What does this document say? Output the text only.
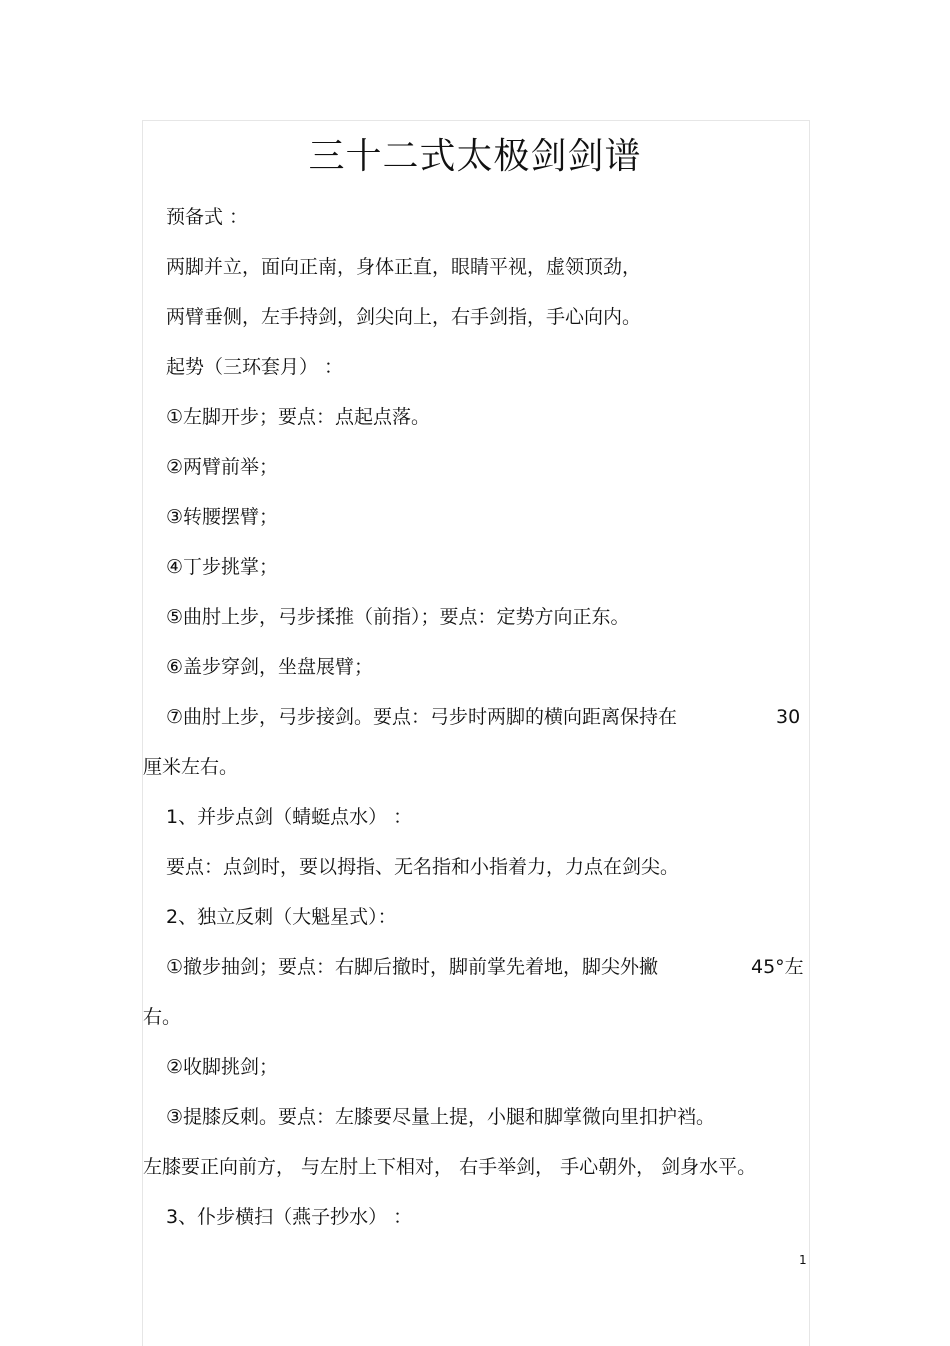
三十二式太极剑剑谱
预备式 ：
两脚并立，面向正南，身体正直，眼睛平视，虚领顶劲，
两臂垂侧，左手持剑，剑尖向上，右手剑指，手心向内。
起势（三环套月） ：
①左脚开步；要点：点起点落。
②两臂前举；
③转腰摆臂；
④丁步挑掌；
⑤曲肘上步，弓步揉推（前指）；要点：定势方向正东。
⑥盖步穿剑，坐盘展臂；
⑦曲肘上步，弓步接剑。要点：弓步时两脚的横向距离保持在	30
厘米左右。
1、并步点剑（蜻蜓点水） ：
要点：点剑时，要以拇指、无名指和小指着力，力点在剑尖。
2、独立反刺（大魁星式）：
①撤步抽剑；要点：右脚后撤时，脚前掌先着地，脚尖外撇	45°左
右。
②收脚挑剑；
③提膝反刺。要点：左膝要尽量上提，小腿和脚掌微向里扣护裆。
左膝要正向前方， 与左肘上下相对， 右手举剑， 手心朝外， 剑身水平。
3、仆步横扫（燕子抄水） ：
1
